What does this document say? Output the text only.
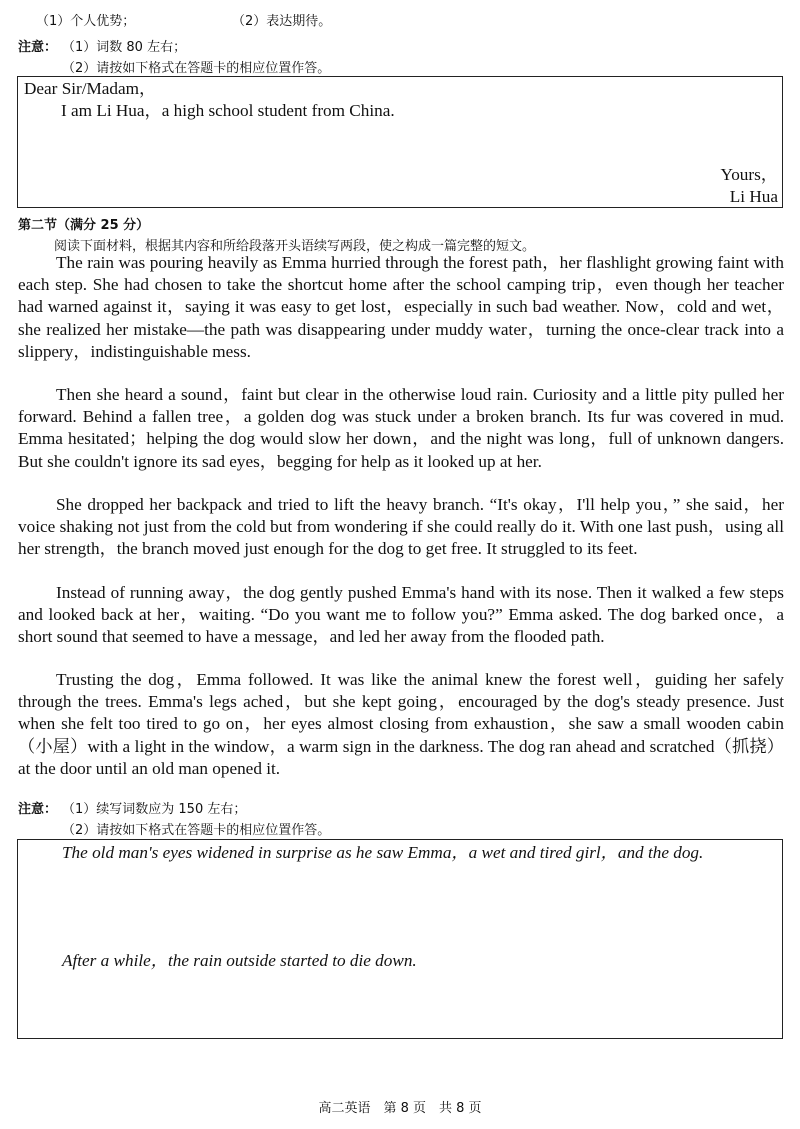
（1）个人优势；	（2）表达期待。
注意： （1）词数 80 左右；
（2）请按如下格式在答题卡的相应位置作答。
Dear Sir/Madam，
I am Li Hua，a high school student from China.
Yours，
Li Hua
第二节（满分 25 分）
阅读下面材料，根据其内容和所给段落开头语续写两段，使之构成一篇完整的短文。

The rain was pouring heavily as Emma hurried through the forest path，her flashlight growing faint with each step. She had chosen to take the shortcut home after the school camping trip，even though her teacher had warned against it，saying it was easy to get lost，especially in such bad weather. Now，cold and wet，she realized her mistake—the path was disappearing under muddy water，turning the once-clear track into a slippery，indistinguishable mess.

Then she heard a sound，faint but clear in the otherwise loud rain. Curiosity and a little pity pulled her forward. Behind a fallen tree，a golden dog was stuck under a broken branch. Its fur was covered in mud. Emma hesitated；helping the dog would slow her down，and the night was long，full of unknown dangers. But she couldn't ignore its sad eyes，begging for help as it looked up at her.

She dropped her backpack and tried to lift the heavy branch. “It's okay，I'll help you，” she said，her voice shaking not just from the cold but from wondering if she could really do it. With one last push，using all her strength，the branch moved just enough for the dog to get free. It struggled to its feet.

Instead of running away，the dog gently pushed Emma's hand with its nose. Then it walked a few steps and looked back at her，waiting. “Do you want me to follow you?” Emma asked. The dog barked once，a short sound that seemed to have a message，and led her away from the flooded path.

Trusting the dog，Emma followed. It was like the animal knew the forest well，guiding her safely through the trees. Emma's legs ached，but she kept going，encouraged by the dog's steady presence. Just when she felt too tired to go on，her eyes almost closing from exhaustion，she saw a small wooden cabin（小屋）with a light in the window，a warm sign in the darkness. The dog ran ahead and scratched（抓挠）at the door until an old man opened it.

注意： （1）续写词数应为 150 左右；
（2）请按如下格式在答题卡的相应位置作答。

The old man's eyes widened in surprise as he saw Emma，a wet and tired girl，and the dog.

After a while，the rain outside started to die down.

高二英语　第 8 页　共 8 页
